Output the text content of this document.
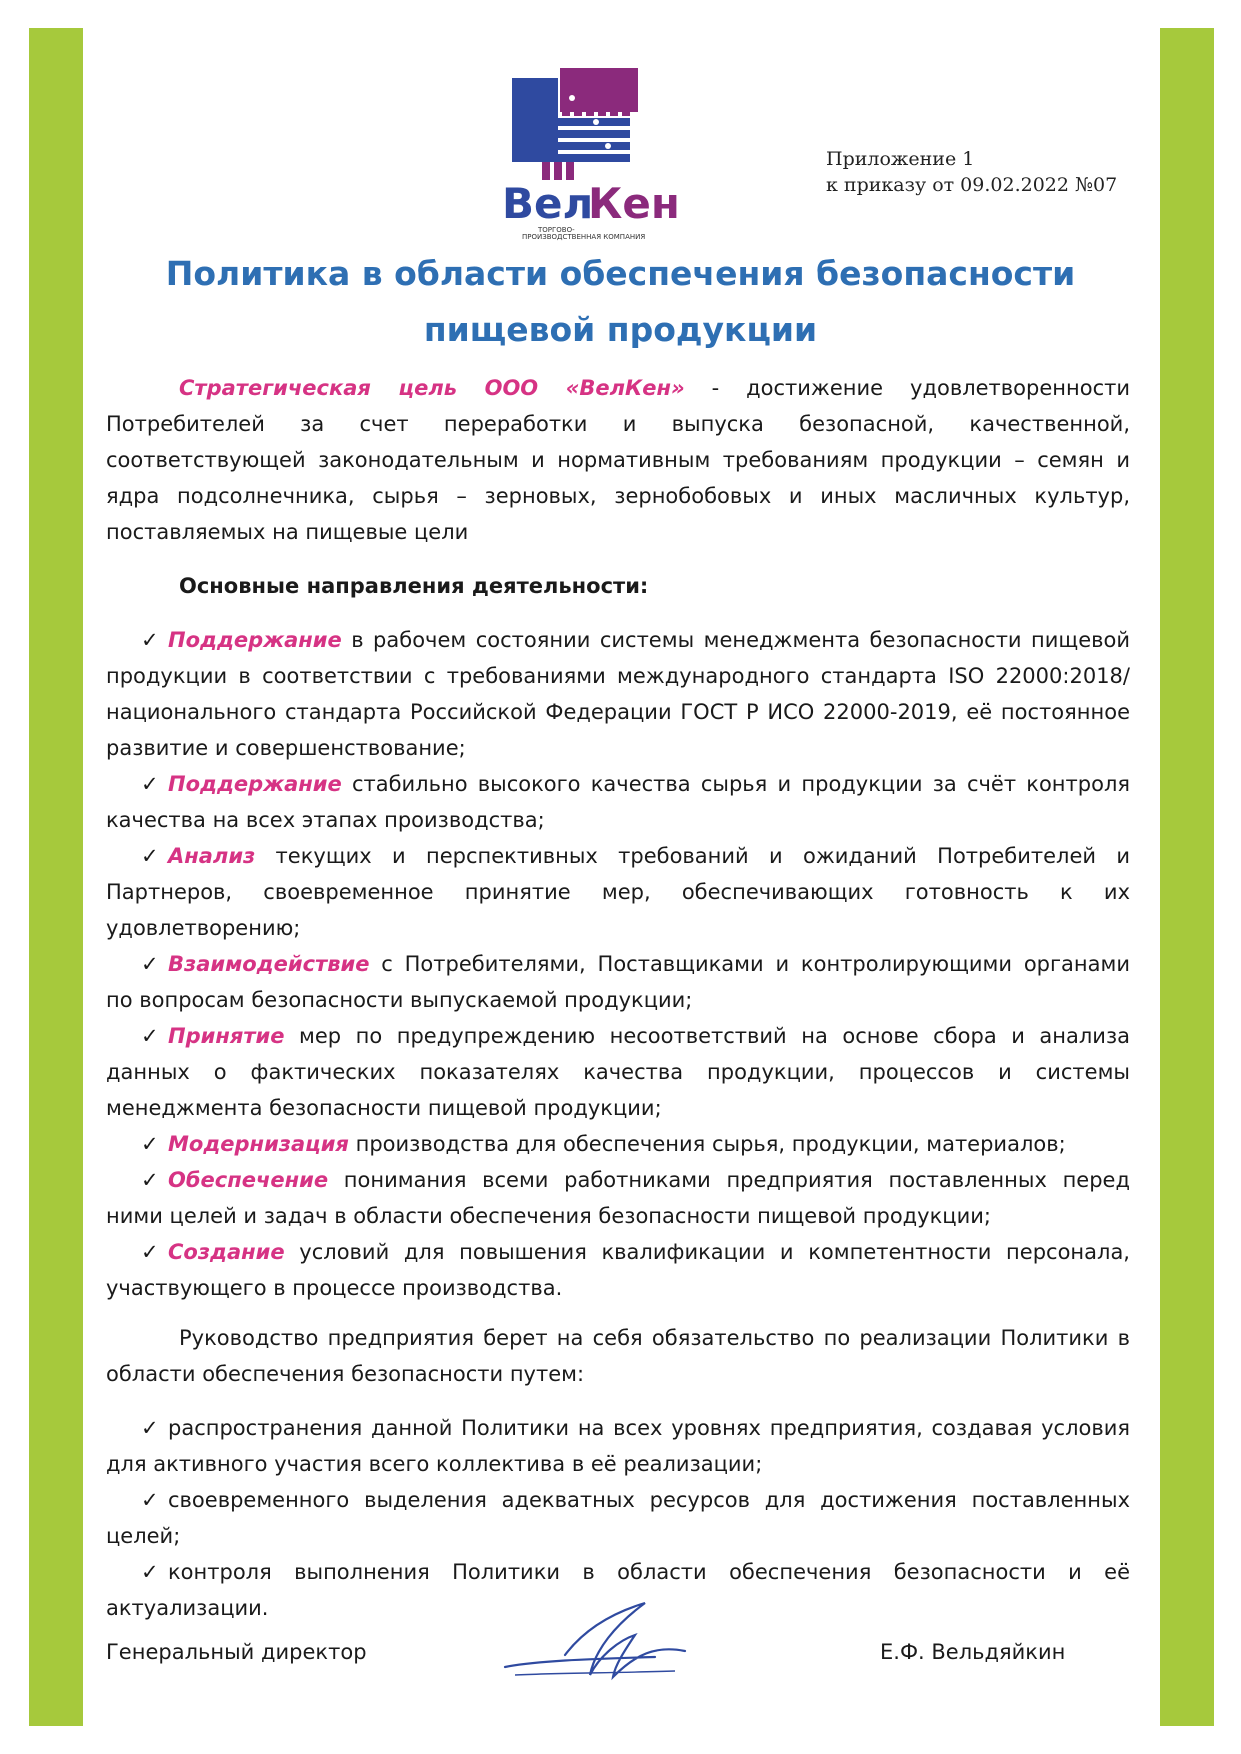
Вел
Кен
ТОРГОВО-
ПРОИЗВОДСТВЕННАЯ КОМПАНИЯ
Приложение 1
к приказу от 09.02.2022 №07
Политика в области обеспечения безопасности
пищевой продукции

Стратегическая цель ООО «ВелКен» - достижение удовлетворенности Потребителей за счет переработки и выпуска безопасной, качественной, соответствующей законодательным и нормативным требованиям продукции – семян и ядра подсолнечника, сырья – зерновых, зернобобовых и иных масличных культур, поставляемых на пищевые цели

Основные направления деятельности:
✓ Поддержание в рабочем состоянии системы менеджмента безопасности пищевой продукции в соответствии с требованиями международного стандарта ISO 22000:2018/национального стандарта Российской Федерации ГОСТ Р ИСО 22000-2019, её постоянное развитие и совершенствование;
✓ Поддержание стабильно высокого качества сырья и продукции за счёт контроля качества на всех этапах производства;
✓ Анализ текущих и перспективных требований и ожиданий Потребителей и Партнеров, своевременное принятие мер, обеспечивающих готовность к их удовлетворению;
✓ Взаимодействие с Потребителями, Поставщиками и контролирующими органами по вопросам безопасности выпускаемой продукции;
✓ Принятие мер по предупреждению несоответствий на основе сбора и анализа данных о фактических показателях качества продукции, процессов и системы менеджмента безопасности пищевой продукции;
✓ Модернизация производства для обеспечения сырья, продукции, материалов;
✓ Обеспечение понимания всеми работниками предприятия поставленных перед ними целей и задач в области обеспечения безопасности пищевой продукции;
✓ Создание условий для повышения квалификации и компетентности персонала, участвующего в процессе производства.

Руководство предприятия берет на себя обязательство по реализации Политики в области обеспечения безопасности путем:

✓ распространения данной Политики на всех уровнях предприятия, создавая условия для активного участия всего коллектива в её реализации;
✓ своевременного выделения адекватных ресурсов для достижения поставленных целей;
✓ контроля выполнения Политики в области обеспечения безопасности и её актуализации.
Генеральный директор	Е.Ф. Вельдяйкин
